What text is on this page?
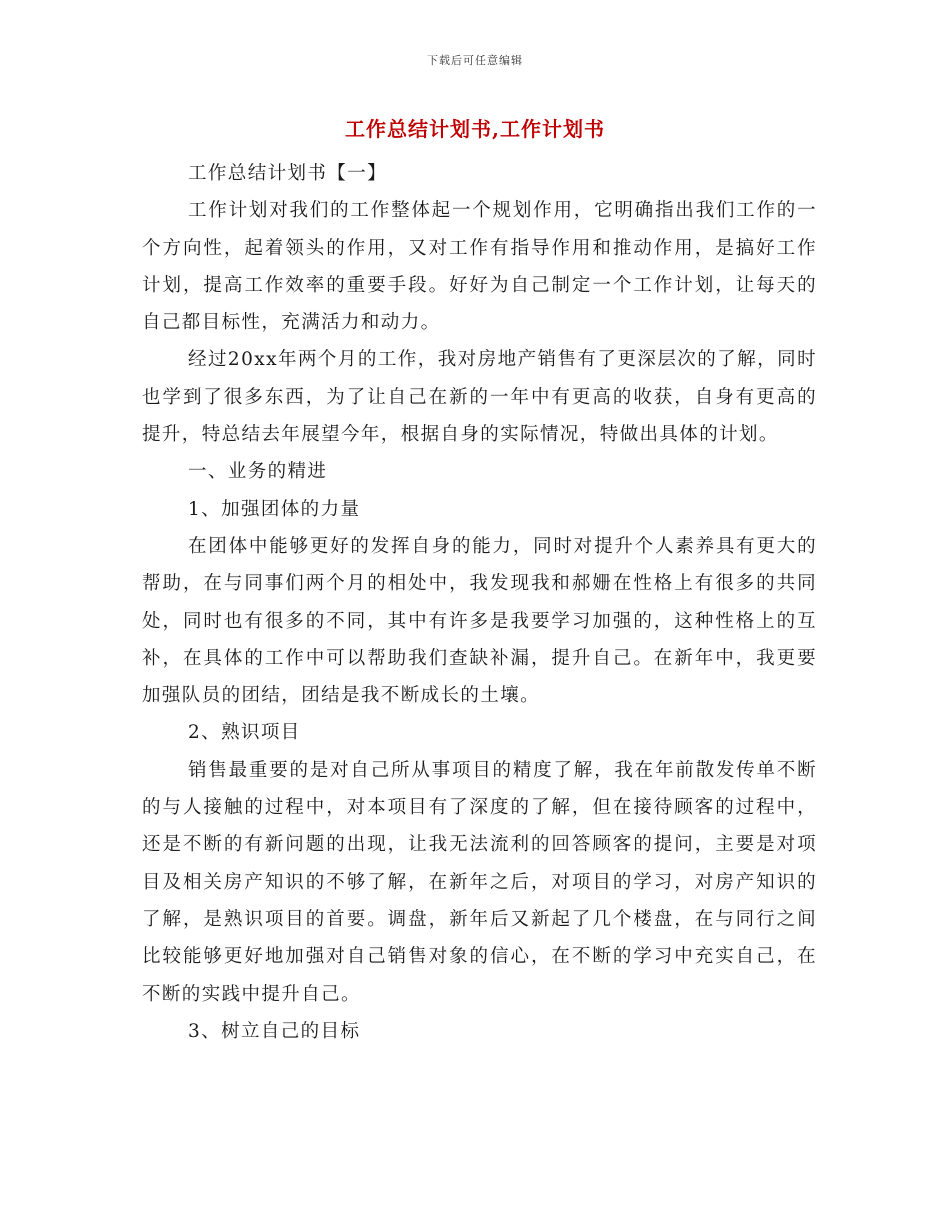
下载后可任意编辑
工作总结计划书,工作计划书

工作总结计划书【一】

工作计划对我们的工作整体起一个规划作用，它明确指出我们工作的一个方向性，起着领头的作用，又对工作有指导作用和推动作用，是搞好工作计划，提高工作效率的重要手段。好好为自己制定一个工作计划，让每天的自己都目标性，充满活力和动力。

经过20xx年两个月的工作，我对房地产销售有了更深层次的了解，同时也学到了很多东西，为了让自己在新的一年中有更高的收获，自身有更高的提升，特总结去年展望今年，根据自身的实际情况，特做出具体的计划。

一、业务的精进

1、加强团体的力量

在团体中能够更好的发挥自身的能力，同时对提升个人素养具有更大的帮助，在与同事们两个月的相处中，我发现我和郝姗在性格上有很多的共同处，同时也有很多的不同，其中有许多是我要学习加强的，这种性格上的互补，在具体的工作中可以帮助我们查缺补漏，提升自己。在新年中，我更要加强队员的团结，团结是我不断成长的土壤。

2、熟识项目

销售最重要的是对自己所从事项目的精度了解，我在年前散发传单不断的与人接触的过程中，对本项目有了深度的了解，但在接待顾客的过程中，还是不断的有新问题的出现，让我无法流利的回答顾客的提问，主要是对项目及相关房产知识的不够了解，在新年之后，对项目的学习，对房产知识的了解，是熟识项目的首要。调盘，新年后又新起了几个楼盘，在与同行之间比较能够更好地加强对自己销售对象的信心，在不断的学习中充实自己，在不断的实践中提升自己。

3、树立自己的目标
